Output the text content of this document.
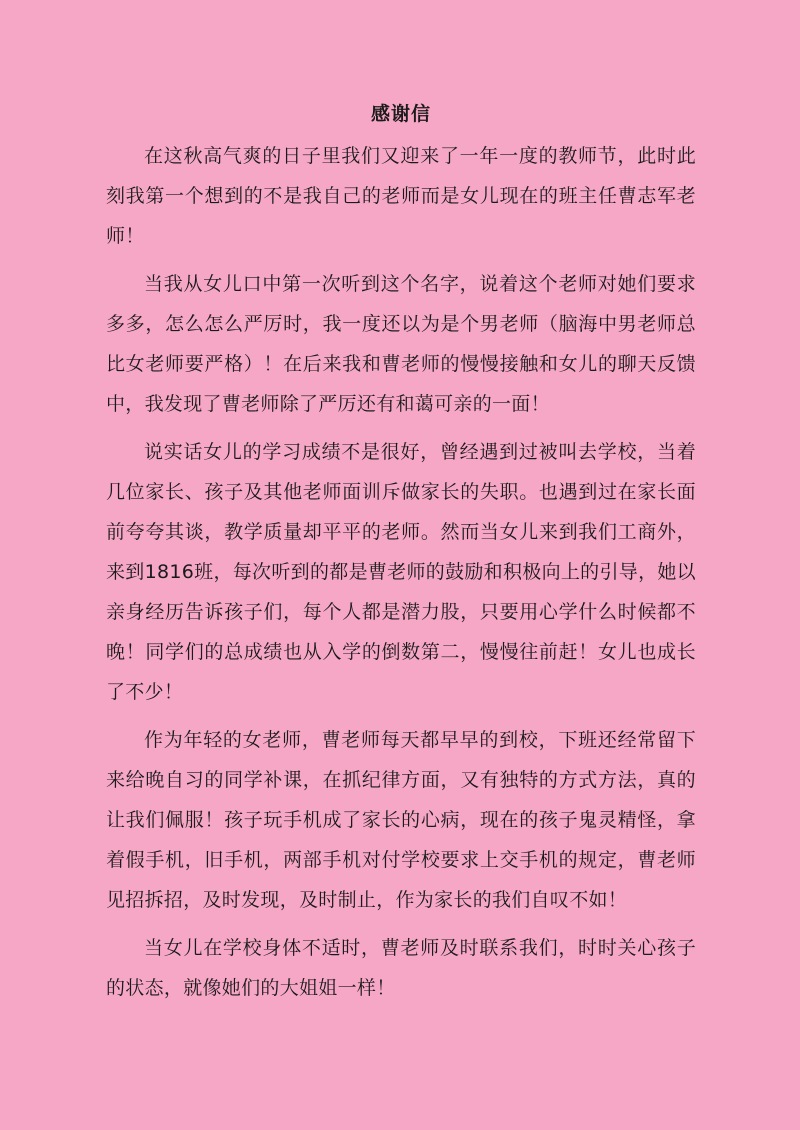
感谢信

在这秋高气爽的日子里我们又迎来了一年一度的教师节，此时此刻我第一个想到的不是我自己的老师而是女儿现在的班主任曹志军老师！

当我从女儿口中第一次听到这个名字，说着这个老师对她们要求多多，怎么怎么严厉时，我一度还以为是个男老师（脑海中男老师总比女老师要严格）！在后来我和曹老师的慢慢接触和女儿的聊天反馈中，我发现了曹老师除了严厉还有和蔼可亲的一面！

说实话女儿的学习成绩不是很好，曾经遇到过被叫去学校，当着几位家长、孩子及其他老师面训斥做家长的失职。也遇到过在家长面前夸夸其谈，教学质量却平平的老师。然而当女儿来到我们工商外，来到1816班，每次听到的都是曹老师的鼓励和积极向上的引导，她以亲身经历告诉孩子们，每个人都是潜力股，只要用心学什么时候都不晚！同学们的总成绩也从入学的倒数第二，慢慢往前赶！女儿也成长了不少！

作为年轻的女老师，曹老师每天都早早的到校，下班还经常留下来给晚自习的同学补课，在抓纪律方面，又有独特的方式方法，真的让我们佩服！孩子玩手机成了家长的心病，现在的孩子鬼灵精怪，拿着假手机，旧手机，两部手机对付学校要求上交手机的规定，曹老师见招拆招，及时发现，及时制止，作为家长的我们自叹不如！

当女儿在学校身体不适时，曹老师及时联系我们，时时关心孩子的状态，就像她们的大姐姐一样！
